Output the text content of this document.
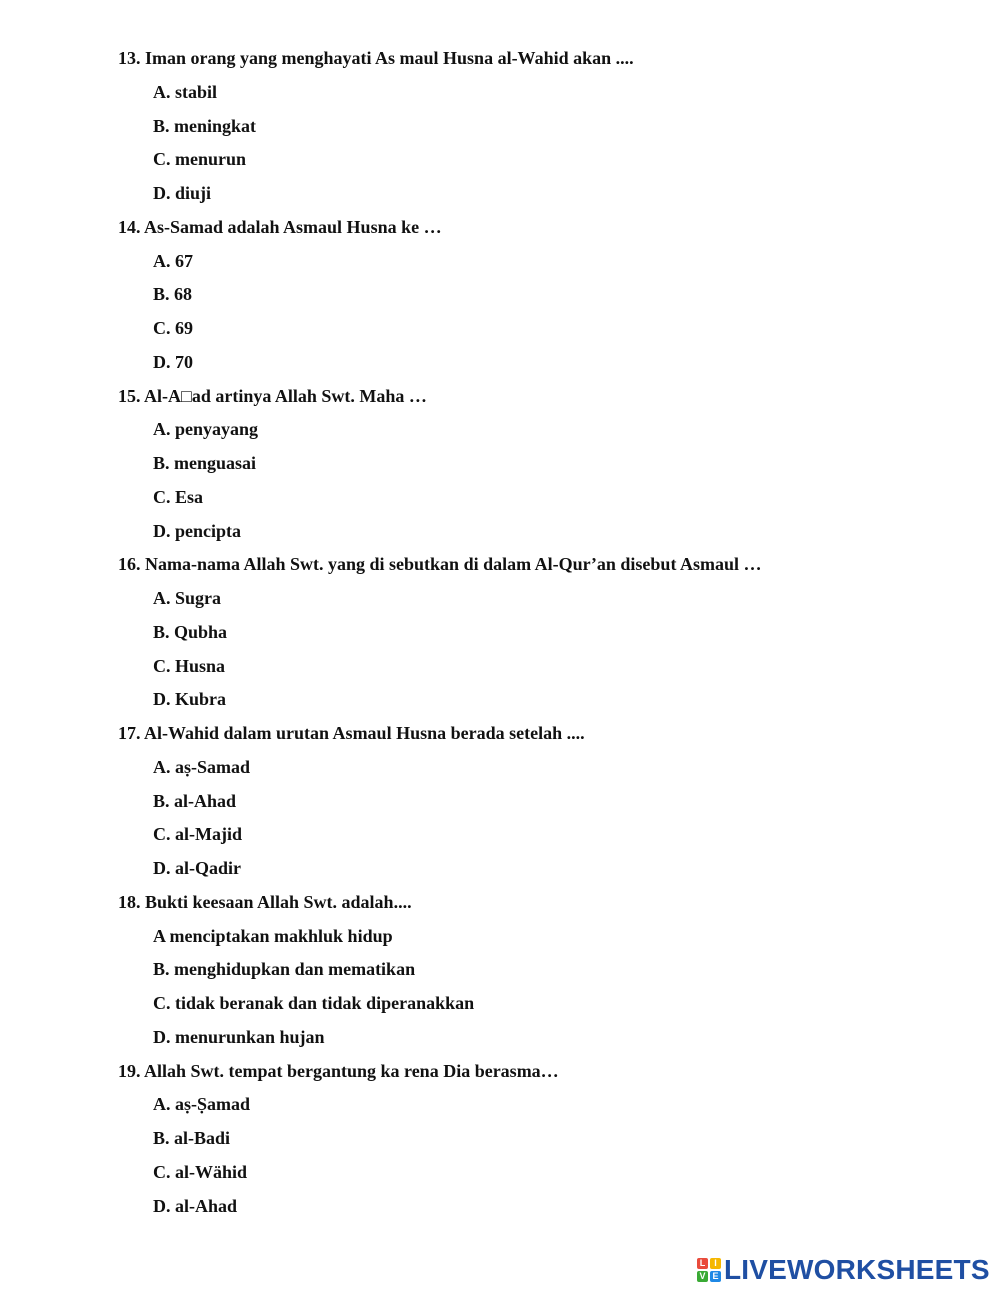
13. Iman orang yang menghayati As maul Husna al-Wahid akan ....
A. stabil
B. meningkat
C. menurun
D. diuji
14. As-Samad adalah Asmaul Husna ke …
A. 67
B. 68
C. 69
D. 70
15. Al-A□ad artinya Allah Swt. Maha …
A. penyayang
B. menguasai
C. Esa
D. pencipta
16. Nama-nama Allah Swt. yang di sebutkan di dalam Al-Qur’an disebut Asmaul …
A. Sugra
B. Qubha
C. Husna
D. Kubra
17. Al-Wahid dalam urutan Asmaul Husna berada setelah ....
A. aṣ-Samad
B. al-Ahad
C. al-Majid
D. al-Qadir
18. Bukti keesaan Allah Swt. adalah....
A menciptakan makhluk hidup
B. menghidupkan dan mematikan
C. tidak beranak dan tidak diperanakkan
D. menurunkan hujan
19. Allah Swt. tempat bergantung ka rena Dia berasma…
A. aṣ-Ṣamad
B. al-Badi
C. al-Wähid
D. al-Ahad
L I
V E LIVEWORKSHEETS
